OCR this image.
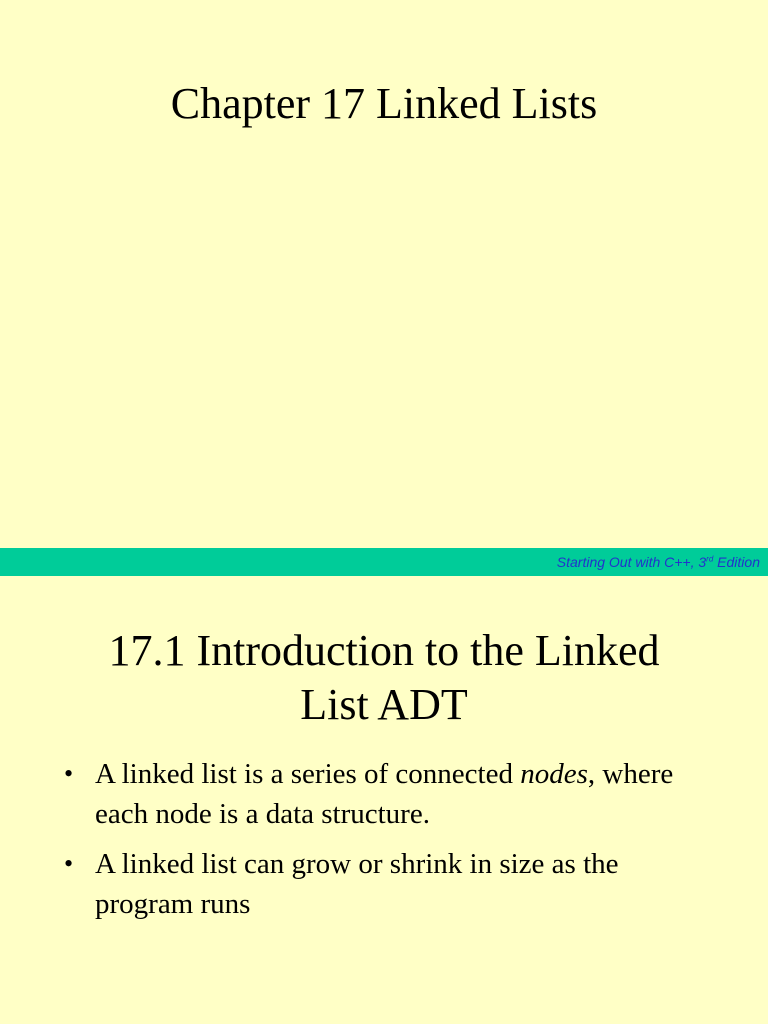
Chapter 17 Linked Lists
Starting Out with C++, 3rd Edition
17.1 Introduction to the Linked List ADT
• A linked list is a series of connected nodes, where each node is a data structure.
• A linked list can grow or shrink in size as the program runs
